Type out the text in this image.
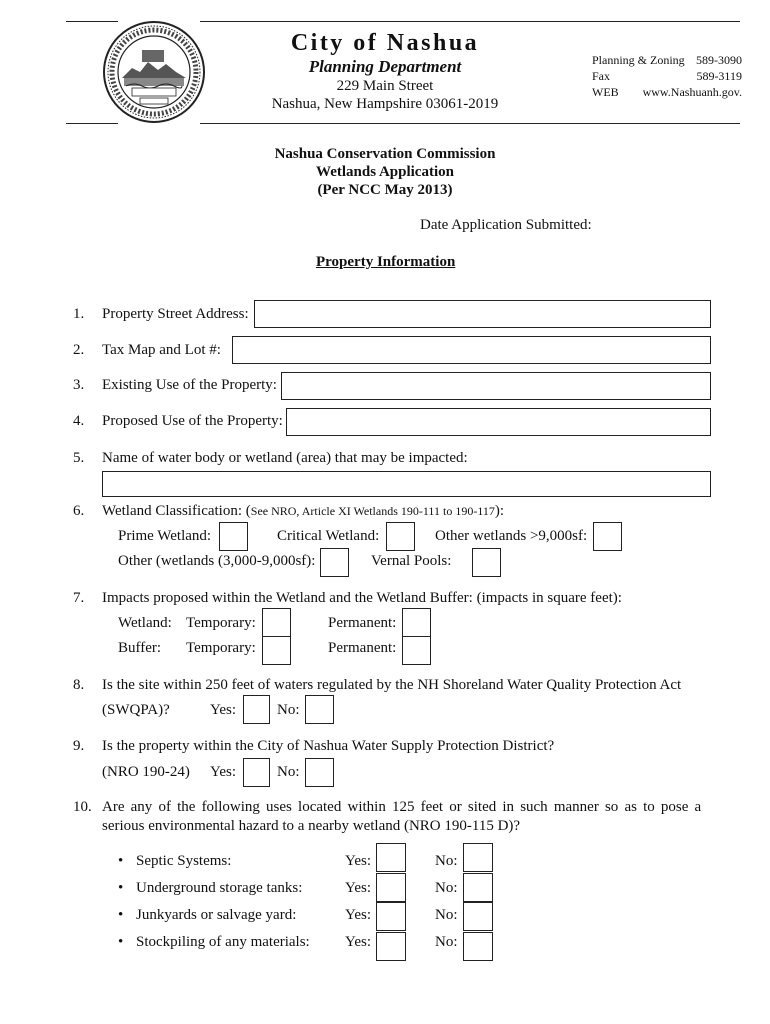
City of Nashua
Planning Department
229 Main Street
Nashua, New Hampshire 03061-2019
Planning & Zoning 589-3090
Fax	589-3119
WEB www.Nashuanh.gov.
Nashua Conservation Commission
Wetlands Application
(Per NCC May 2013)
Date Application Submitted:
Property Information
1. Property Street Address:
2. Tax Map and Lot #:
3. Existing Use of the Property:
4. Proposed Use of the Property:
5. Name of water body or wetland (area) that may be impacted:
6. Wetland Classification: (See NRO, Article XI Wetlands 190-111 to 190-117):
Prime Wetland:	Critical Wetland:	Other wetlands >9,000sf:
Other (wetlands (3,000-9,000sf):	Vernal Pools:
7. Impacts proposed within the Wetland and the Wetland Buffer: (impacts in square feet):
Wetland: Temporary:	Permanent:
Buffer: Temporary:	Permanent:
8. Is the site within 250 feet of waters regulated by the NH Shoreland Water Quality Protection Act
(SWQPA)?	Yes:	No:
9. Is the property within the City of Nashua Water Supply Protection District?
(NRO 190-24) Yes:	No:
10. Are any of the following uses located within 125 feet or sited in such manner so as to pose a
serious environmental hazard to a nearby wetland (NRO 190-115 D)?
• Septic Systems:	Yes:	No:
• Underground storage tanks:	Yes:	No:
• Junkyards or salvage yard:	Yes:	No:
• Stockpiling of any materials: Yes:	No:
